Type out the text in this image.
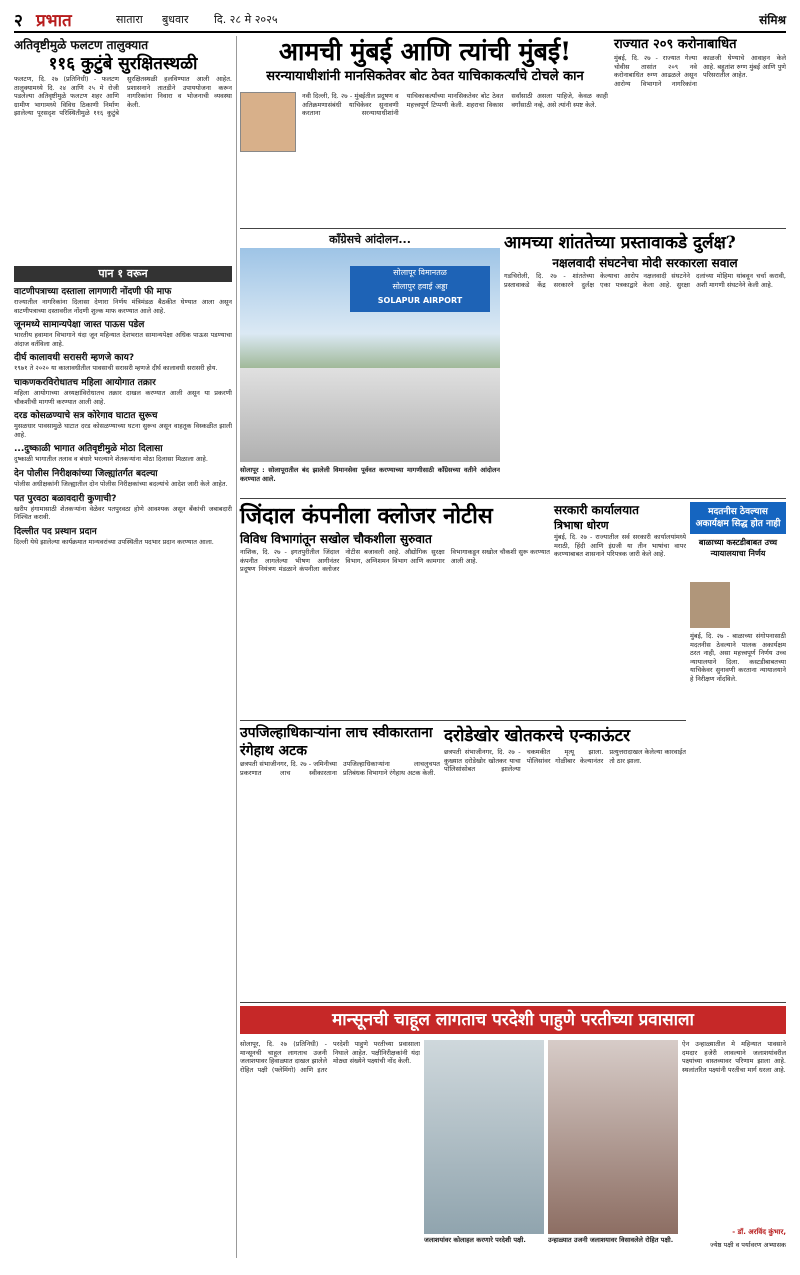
२ प्रभात	सातारा बुधवार दि. २८ मे २०२५	संमिश्र
अतिवृष्टीमुळे फलटण तालुक्यात
११६ कुटुंबे सुरक्षितस्थळी
फलटण, दि. २७ (प्रतिनिधी) - फलटण तालुक्यामध्ये दि. २४ आणि २५ मे रोजी पडलेल्या अतिवृष्टीमुळे फलटण शहर आणि ग्रामीण भागामध्ये विविध ठिकाणी निर्माण झालेल्या पूरसदृश परिस्थितीमुळे ११६ कुटुंबे सुरक्षितस्थळी हलविण्यात आली आहेत. प्रशासनाने तातडीने उपाययोजना करून नागरिकांना निवारा व भोजनाची व्यवस्था केली.
पान १ वरून
वाटणीपत्राच्या दस्ताला लागणारी नोंदणी फी माफ
राज्यातील नागरिकांना दिलासा देणारा निर्णय मंत्रिमंडळ बैठकीत घेण्यात आला असून वाटणीपत्राच्या दस्तावरील नोंदणी शुल्क माफ करण्यात आले आहे.
जूनमध्ये सामान्यपेक्षा जास्त पाऊस पडेल
भारतीय हवामान विभागाने यंदा जून महिन्यात देशभरात सामान्यपेक्षा अधिक पाऊस पडण्याचा अंदाज वर्तविला आहे.
दीर्घ कालावधी सरासरी म्हणजे काय?
१९७१ ते २०२० या कालावधीतील पावसाची सरासरी म्हणजे दीर्घ कालावधी सरासरी होय.
चाकणकरविरोधातच महिला आयोगात तक्रार
महिला आयोगाच्या अध्यक्षांविरोधातच तक्रार दाखल करण्यात आली असून या प्रकरणी चौकशीची मागणी करण्यात आली आहे.
दरड कोसळण्याचे सत्र कोरेगाव घाटात सुरूच
मुसळधार पावसामुळे घाटात दरड कोसळण्याच्या घटना सुरूच असून वाहतूक विस्कळीत झाली आहे.
...दुष्काळी भागात अतिवृष्टीमुळे मोठा दिलासा
दुष्काळी भागातील तलाव व बंधारे भरल्याने शेतकऱ्यांना मोठा दिलासा मिळाला आहे.
देन पोलीस निरीक्षकांच्या जिल्ह्यांतर्गत बदल्या
पोलीस अधीक्षकांनी जिल्ह्यातील दोन पोलीस निरीक्षकांच्या बदल्यांचे आदेश जारी केले आहेत.
पत पुरवठा बळावदारी कुणाची?
खरीप हंगामासाठी शेतकऱ्यांना वेळेवर पतपुरवठा होणे आवश्यक असून बँकांची जबाबदारी निश्चित करावी.
दिल्लीत पद प्रस्थान प्रदान
दिल्ली येथे झालेल्या कार्यक्रमात मान्यवरांच्या उपस्थितीत पदभार प्रदान करण्यात आला.
आमची मुंबई आणि त्यांची मुंबई!
सरन्यायाधीशांनी मानसिकतेवर बोट ठेवत याचिकाकर्त्यांचे टोचले कान
नवी दिल्ली, दि. २७ - मुंबईतील प्रदूषण व अतिक्रमणासंबंधी याचिकेवर सुनावणी करताना सरन्यायाधीशांनी याचिकाकर्त्यांच्या मानसिकतेवर बोट ठेवत महत्त्वपूर्ण टिप्पणी केली. शहराचा विकास सर्वांसाठी असला पाहिजे, केवळ काही वर्गांसाठी नव्हे, असे त्यांनी स्पष्ट केले.
राज्यात २०९ करोनाबाधित
मुंबई, दि. २७ - राज्यात गेल्या चोवीस तासांत २०९ नवे करोनाबाधित रुग्ण आढळले असून आरोग्य विभागाने नागरिकांना काळजी घेण्याचे आवाहन केले आहे. बहुतांश रुग्ण मुंबई आणि पुणे परिसरातील आहेत.
काँग्रेसचे आंदोलन...
सोलापूर विमानतळ
सोलापुर हवाई अड्डा
SOLAPUR AIRPORT
सोलापूर : सोलापूरातील बंद झालेली विमानसेवा पूर्ववत करण्याच्या मागणीसाठी काँग्रेसच्या वतीने आंदोलन करण्यात आले.
आमच्या शांततेच्या प्रस्तावाकडे दुर्लक्ष?
नक्षलवादी संघटनेचा मोदी सरकारला सवाल
गडचिरोली, दि. २७ - शांततेच्या प्रस्तावाकडे केंद्र सरकारने दुर्लक्ष केल्याचा आरोप नक्षलवादी संघटनेने एका पत्रकाद्वारे केला आहे. सुरक्षा दलांच्या मोहिमा थांबवून चर्चा करावी, अशी मागणी संघटनेने केली आहे.
जिंदाल कंपनीला क्लोजर नोटीस
विविध विभागांतून सखोल चौकशीला सुरुवात
नाशिक, दि. २७ - इगतपुरीतील जिंदाल कंपनीत लागलेल्या भीषण आगीनंतर प्रदूषण नियंत्रण मंडळाने कंपनीला क्लोजर नोटीस बजावली आहे. औद्योगिक सुरक्षा विभाग, अग्निशमन विभाग आणि कामगार विभागाकडून सखोल चौकशी सुरू करण्यात आली आहे.
सरकारी कार्यालयात
त्रिभाषा धोरण
मुंबई, दि. २७ - राज्यातील सर्व सरकारी कार्यालयांमध्ये मराठी, हिंदी आणि इंग्रजी या तीन भाषांचा वापर करण्याबाबत शासनाने परिपत्रक जारी केले आहे.
मदतनीस ठेवल्यास अकार्यक्षम सिद्ध होत नाही
बाळाच्या कस्टडीबाबत उच्च न्यायालयाचा निर्णय
मुंबई, दि. २७ - बाळाच्या संगोपनासाठी मदतनीस ठेवल्याने पालक अकार्यक्षम ठरत नाही, असा महत्त्वपूर्ण निर्णय उच्च न्यायालयाने दिला. कस्टडीबाबतच्या याचिकेवर सुनावणी करताना न्यायालयाने हे निरीक्षण नोंदविले.
उपजिल्हाधिकाऱ्यांना लाच स्वीकारताना रंगेहाथ अटक
छत्रपती संभाजीनगर, दि. २७ - जमिनीच्या प्रकरणात लाच स्वीकारताना उपजिल्हाधिकाऱ्यांना लाचलुचपत प्रतिबंधक विभागाने रंगेहाथ अटक केली.
दरोडेखोर खोतकरचे एन्काऊंटर
छत्रपती संभाजीनगर, दि. २७ - कुख्यात दरोडेखोर खोतकर याचा पोलिसांसोबत झालेल्या चकमकीत मृत्यू झाला. पोलिसांवर गोळीबार केल्यानंतर प्रत्युत्तरादाखल केलेल्या कारवाईत तो ठार झाला.
मान्सूनची चाहूल लागताच परदेशी पाहुणे परतीच्या प्रवासाला
सोलापूर, दि. २७ (प्रतिनिधी) - मान्सूनची चाहूल लागताच उजनी जलाशयावर हिवाळ्यात दाखल झालेले रोहित पक्षी (फ्लेमिंगो) आणि इतर परदेशी पाहुणे परतीच्या प्रवासाला निघाले आहेत. पक्षीनिरीक्षकांनी यंदा मोठ्या संख्येने पक्ष्यांची नोंद केली.
जलाशयांवर कोलाहल करणारे परदेशी पक्षी.	उन्हाळ्यात उजनी जलाशयावर विसावलेले रोहित पक्षी.
ऐन उन्हाळ्यातील मे महिन्यात पावसाने दमदार हजेरी लावल्याने जलाशयांवरील पक्ष्यांच्या वास्तव्यावर परिणाम झाला आहे. स्थलांतरित पक्ष्यांनी परतीचा मार्ग धरला आहे.
- डॉ. अरविंद कुंभार,
ज्येष्ठ पक्षी व पर्यावरण अभ्यासक
